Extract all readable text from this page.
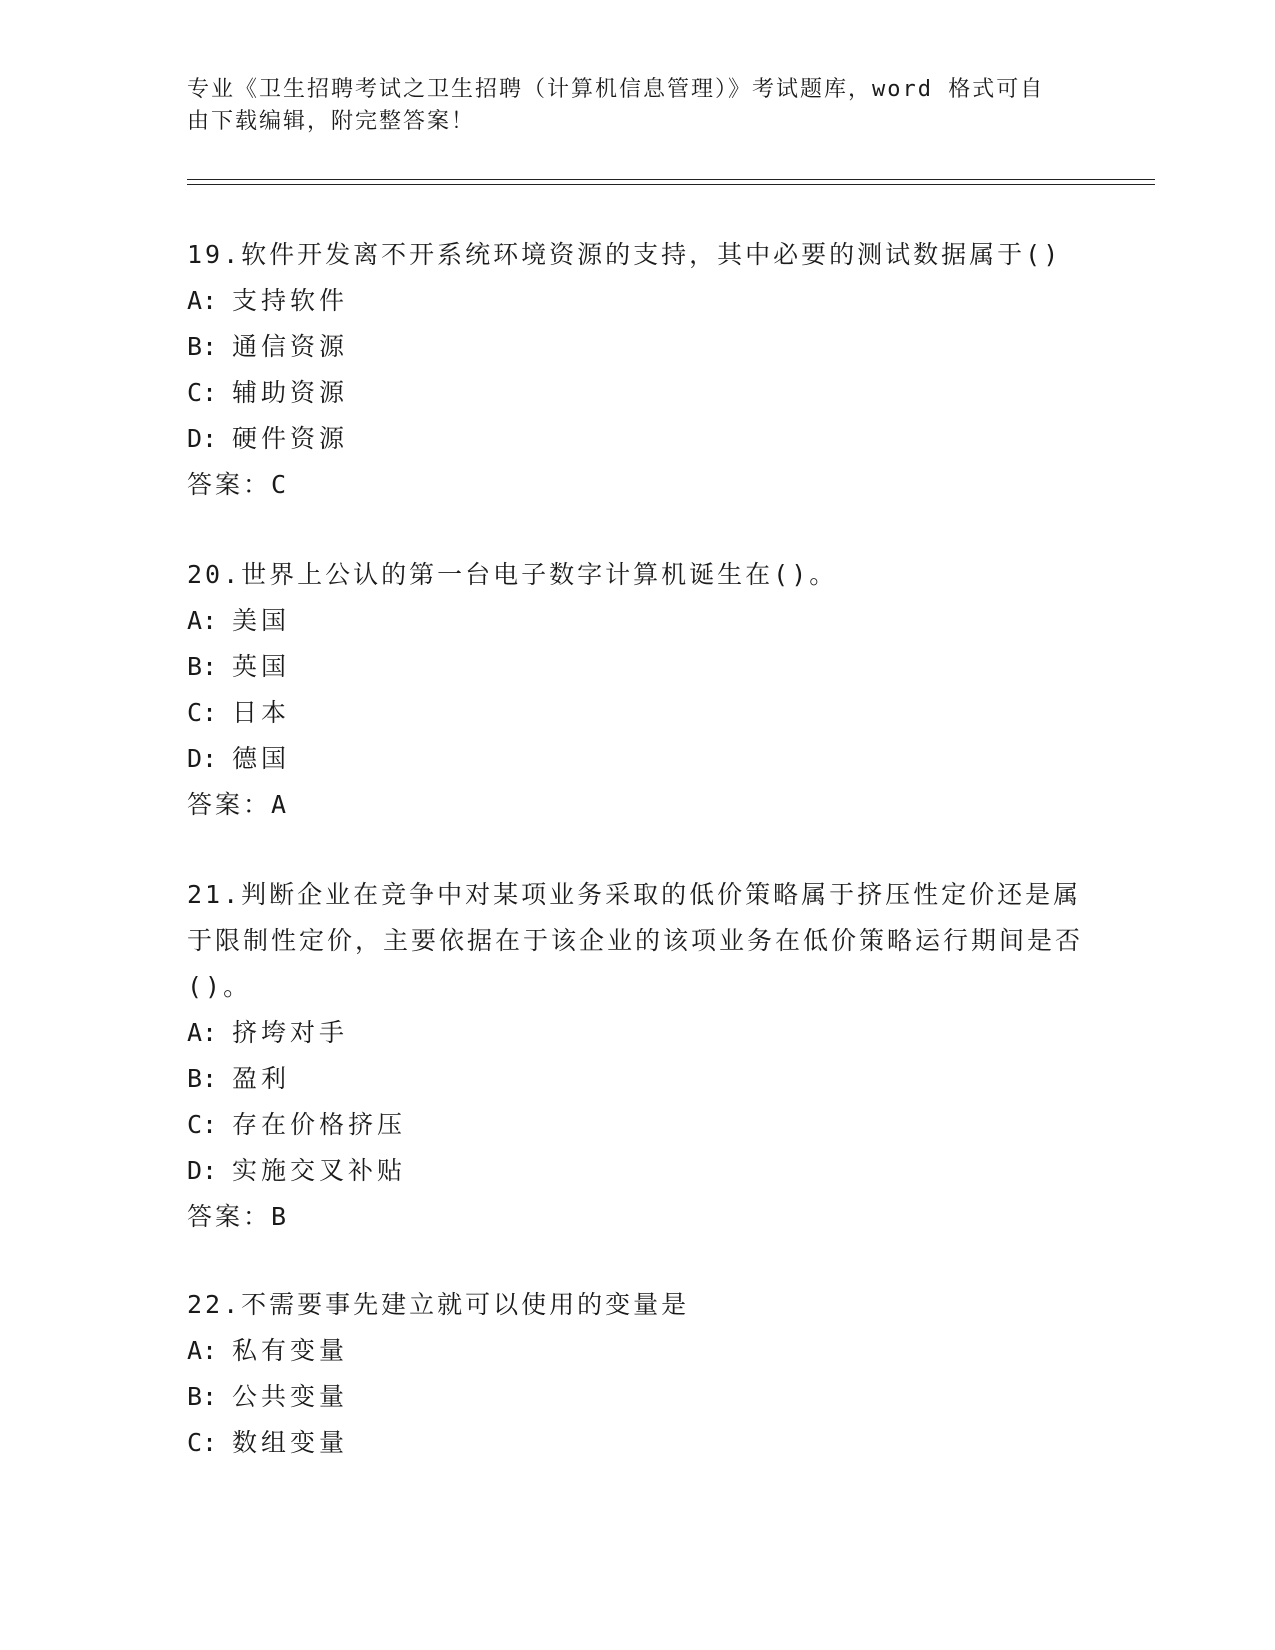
专业《卫生招聘考试之卫生招聘（计算机信息管理）》考试题库，word 格式可自
由下载编辑，附完整答案！
19.软件开发离不开系统环境资源的支持，其中必要的测试数据属于()
A: 支持软件
B: 通信资源
C: 辅助资源
D: 硬件资源
答案：C
20.世界上公认的第一台电子数字计算机诞生在()。
A: 美国
B: 英国
C: 日本
D: 德国
答案：A
21.判断企业在竞争中对某项业务采取的低价策略属于挤压性定价还是属于限制性定价，主要依据在于该企业的该项业务在低价策略运行期间是否()。
A: 挤垮对手
B: 盈利
C: 存在价格挤压
D: 实施交叉补贴
答案：B
22.不需要事先建立就可以使用的变量是
A: 私有变量
B: 公共变量
C: 数组变量
